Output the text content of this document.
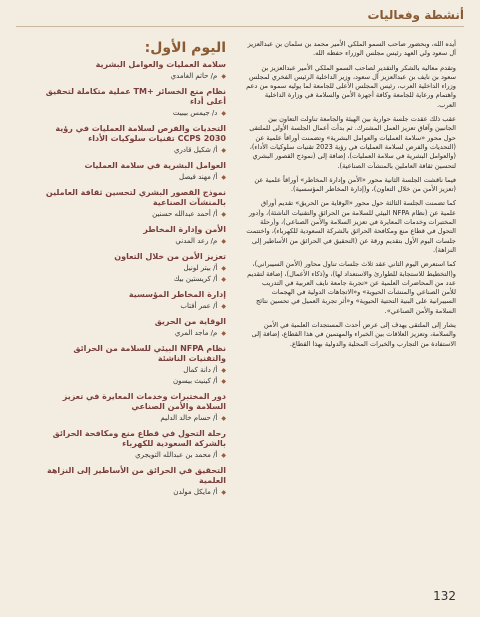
أنشطة وفعاليات
اليوم الأول:
سلامة العمليات والعوامل البشرية
◆
م/ حاتم الغامدي
نظام منع الخسائر +TM عملية متكاملة لتحقيق أعلى أداء
◆
د/ جيمس بيبيت
التحديات والفرص لسلامة العمليات في رؤية CCPS 2030 تقنيات سلوكيات الأداء
◆
أ/ شكيل قادري
العوامل البشرية في سلامة العمليات
◆
أ/ مهند فيصل
نموذج القصور البشري لتحسين ثقافة العاملين بالمنشآت الصناعية
◆
أ/ أحمد عبدالله حسنين
الأمن وإدارة المخاطر
◆
م/ رعد المدني
تعزيز الأمن من خلال التعاون
◆
أ/ بيتر لونيل
◆
أ/ كريستين بيك
إدارة المخاطر المؤسسية
◆
أ/ عمر أفتاب
الوقاية من الحريق
◆
م/ ماجد المري
نظام NFPA البيئي للسلامة من الحرائق والتقنيات الناشئة
◆
أ/ دانة كمال
◆
أ/ كينيث بيسون
دور المختبرات وخدمات المعايرة في تعزيز السلامة والأمن الصناعي
◆
أ/ حسام خالد الدليم
رحلة التحول في قطاع منع ومكافحة الحرائق بالشركة السعودية للكهرباء
◆
أ/ محمد بن عبدالله التويجري
التحقيق في الحرائق من الأساطير إلى النزاهة العلمية
◆
أ/ مايكل مولدن

أيده الله، وبحضور صاحب السمو الملكي الأمير محمد بن سلمان بن عبدالعزيز آل سعود ولي العهد رئيس مجلس الوزراء حفظه الله.

وتقدم معاليه بالشكر والتقدير لصاحب السمو الملكي الأمير عبدالعزيز بن سعود بن نايف بن عبدالعزيز آل سعود، وزير الداخلية الرئيس الفخري لمجلس وزراء الداخلية العرب، رئيس المجلس الأعلى للجامعة لما يوليه سموه من دعم واهتمام ورعاية للجامعة وكافة أجهزة الأمن والسلامة في وزارة الداخلية العرب.

عقب ذلك عقدت جلسة حوارية بين الهيئة والجامعة تناولت التعاون بين الجانبين وآفاق تعزيز العمل المشترك. ثم بدأت أعمال الجلسة الأولى للملتقى حول محور «سلامة العمليات والعوامل البشرية» وتضمنت أوراقاً علمية عن (التحديات والفرص لسلامة العمليات في رؤية 2023 تقنيات سلوكيات الأداء)، (والعوامل البشرية في سلامة العمليات)، إضافة إلى (نموذج القصور البشري لتحسين ثقافة العاملين بالمنشآت الصناعية).

فيما ناقشت الجلسة الثانية محور «الأمن وإدارة المخاطر» أوراقاً علمية عن (تعزيز الأمن من خلال التعاون)، و(إدارة المخاطر المؤسسية).

كما تضمنت الجلسة الثالثة حول محور «الوقاية من الحريق» تقديم أوراق علمية عن (نظام NFPA البيئي للسلامة من الحرائق والتقنيات الناشئة)، و(دور المختبرات وخدمات المعايرة في تعزيز السلامة والأمن الصناعي)، و(رحلة التحول في قطاع منع ومكافحة الحرائق بالشركة السعودية للكهرباء)، واختتمت جلسات اليوم الأول بتقديم ورقة عن (التحقيق في الحرائق من الأساطير إلى النزاهة).

كما استعرض اليوم الثاني عقد ثلاث جلسات تناول محاور (الأمن السيبراني)، و(التخطيط للاستجابة للطوارئ والاستعداد لها)، و(ذكاء الأعمال)، إضافة لتقديم عدد من المحاضرات العلمية عن «تجربة جامعة نايف العربية في التدريب للأمن الصناعي والمنشآت الحيوية» و«الاتجاهات الدولية في الهجمات السيبرانية على البنية التحتية الحيوية» و«أثر تجربة العميل في تحسين نتائج السلامة والأمن الصناعي».

يشار إلى الملتقى يهدف إلى عرض أحدث المستجدات العلمية في الأمن والسلامة، وتعزيز العلاقات بين الخبراء والمهتمين في هذا القطاع، إضافة إلى الاستفادة من التجارب والخبرات المحلية والدولية بهذا القطاع.

132
